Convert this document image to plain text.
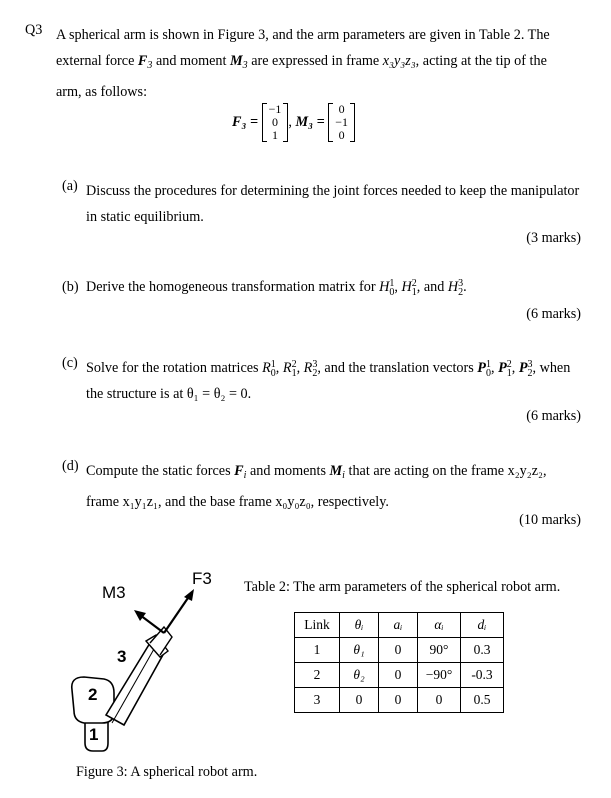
Q3 A spherical arm is shown in Figure 3, and the arm parameters are given in Table 2. The
external force $F_3$ and moment $M_3$ are expressed in frame x₃y₃z₃, acting at the tip of the
arm, as follows:
F₃ =
−1
0
1
, M₃ =
0
−1
0
(a) Discuss the procedures for determining the joint forces needed to keep the manipulator
in static equilibrium.
(3 marks)
(b) Derive the homogeneous transformation matrix for H 1
0 , H 2
1 , and H 3
2 .
(6 marks)
(c) Solve for the rotation matrices R 1
0 , R 2
1 , R 3
2 , and the translation vectors P 1
0 , P 2
1 , P 3
2 , when
the structure is at θ₁ = θ₂ = 0.
(6 marks)
(d) Compute the static forces $F_i$ and moments $M_i$ that are acting on the frame x₂y₂z₂,
frame x₁y₁z₁, and the base frame x₀y₀z₀, respectively.
(10 marks)
M3
F3
3
2
1
Figure 3: A spherical robot arm.
Table 2: The arm parameters of the spherical robot arm.
Link	θᵢ	aᵢ	αᵢ	dᵢ
1	θ₁	0	90°	0.3
2	θ₂	0	−90°	-0.3
3	0	0	0	0.5
